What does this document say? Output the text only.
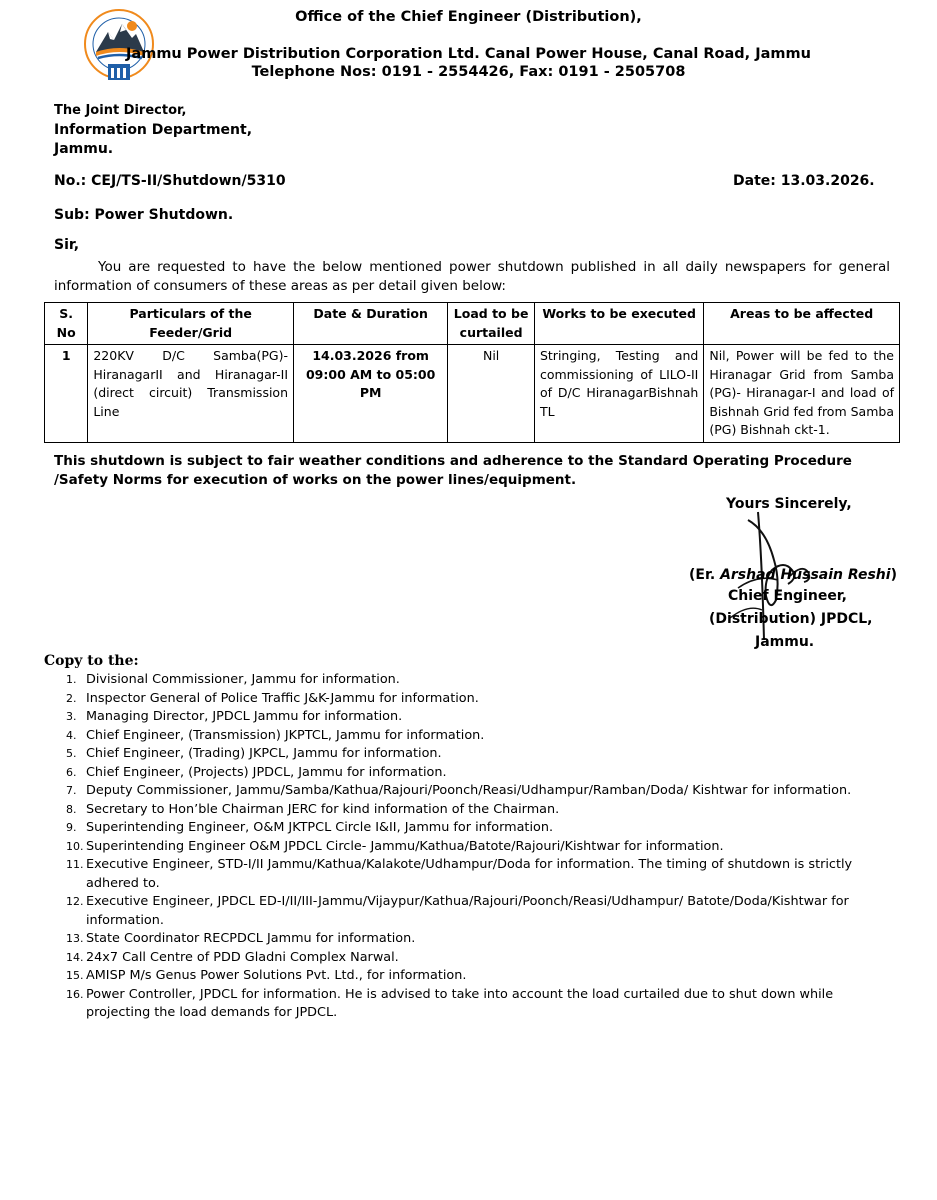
Office of the Chief Engineer (Distribution),
Jammu Power Distribution Corporation Ltd. Canal Power House, Canal Road, Jammu
Telephone Nos: 0191 - 2554426, Fax: 0191 - 2505708
The Joint Director,
Information Department,
Jammu.
No.: CEJ/TS-II/Shutdown/5310	Date: 13.03.2026.
Sub: Power Shutdown.
Sir,
You are requested to have the below mentioned power shutdown published in all daily newspapers for general information of consumers of these areas as per detail given below:
S. No	Particulars of the Feeder/Grid	Date & Duration	Load to be curtailed	Works to be executed	Areas to be affected
1	220KV D/C Samba(PG)-HiranagarII and Hiranagar-II (direct circuit) Transmission Line	14.03.2026 from 09:00 AM to 05:00 PM	Nil	Stringing, Testing and commissioning of LILO-II of D/C HiranagarBishnah TL	Nil, Power will be fed to the Hiranagar Grid from Samba (PG)- Hiranagar-I and load of Bishnah Grid fed from Samba (PG) Bishnah ckt-1.
This shutdown is subject to fair weather conditions and adherence to the Standard Operating Procedure /Safety Norms for execution of works on the power lines/equipment.
Yours Sincerely,
(Er. Arshad Hussain Reshi)
Chief Engineer,
(Distribution) JPDCL,
Jammu.
Copy to the:
1. Divisional Commissioner, Jammu for information.
2. Inspector General of Police Traffic J&K-Jammu for information.
3. Managing Director, JPDCL Jammu for information.
4. Chief Engineer, (Transmission) JKPTCL, Jammu for information.
5. Chief Engineer, (Trading) JKPCL, Jammu for information.
6. Chief Engineer, (Projects) JPDCL, Jammu for information.
7. Deputy Commissioner, Jammu/Samba/Kathua/Rajouri/Poonch/Reasi/Udhampur/Ramban/Doda/ Kishtwar for information.
8. Secretary to Hon’ble Chairman JERC for kind information of the Chairman.
9. Superintending Engineer, O&M JKTPCL Circle I&II, Jammu for information.
10. Superintending Engineer O&M JPDCL Circle- Jammu/Kathua/Batote/Rajouri/Kishtwar for information.
11. Executive Engineer, STD-I/II Jammu/Kathua/Kalakote/Udhampur/Doda for information. The timing of shutdown is strictly adhered to.
12. Executive Engineer, JPDCL ED-I/II/III-Jammu/Vijaypur/Kathua/Rajouri/Poonch/Reasi/Udhampur/ Batote/Doda/Kishtwar for information.
13. State Coordinator RECPDCL Jammu for information.
14. 24x7 Call Centre of PDD Gladni Complex Narwal.
15. AMISP M/s Genus Power Solutions Pvt. Ltd., for information.
16. Power Controller, JPDCL for information. He is advised to take into account the load curtailed due to shut down while projecting the load demands for JPDCL.
